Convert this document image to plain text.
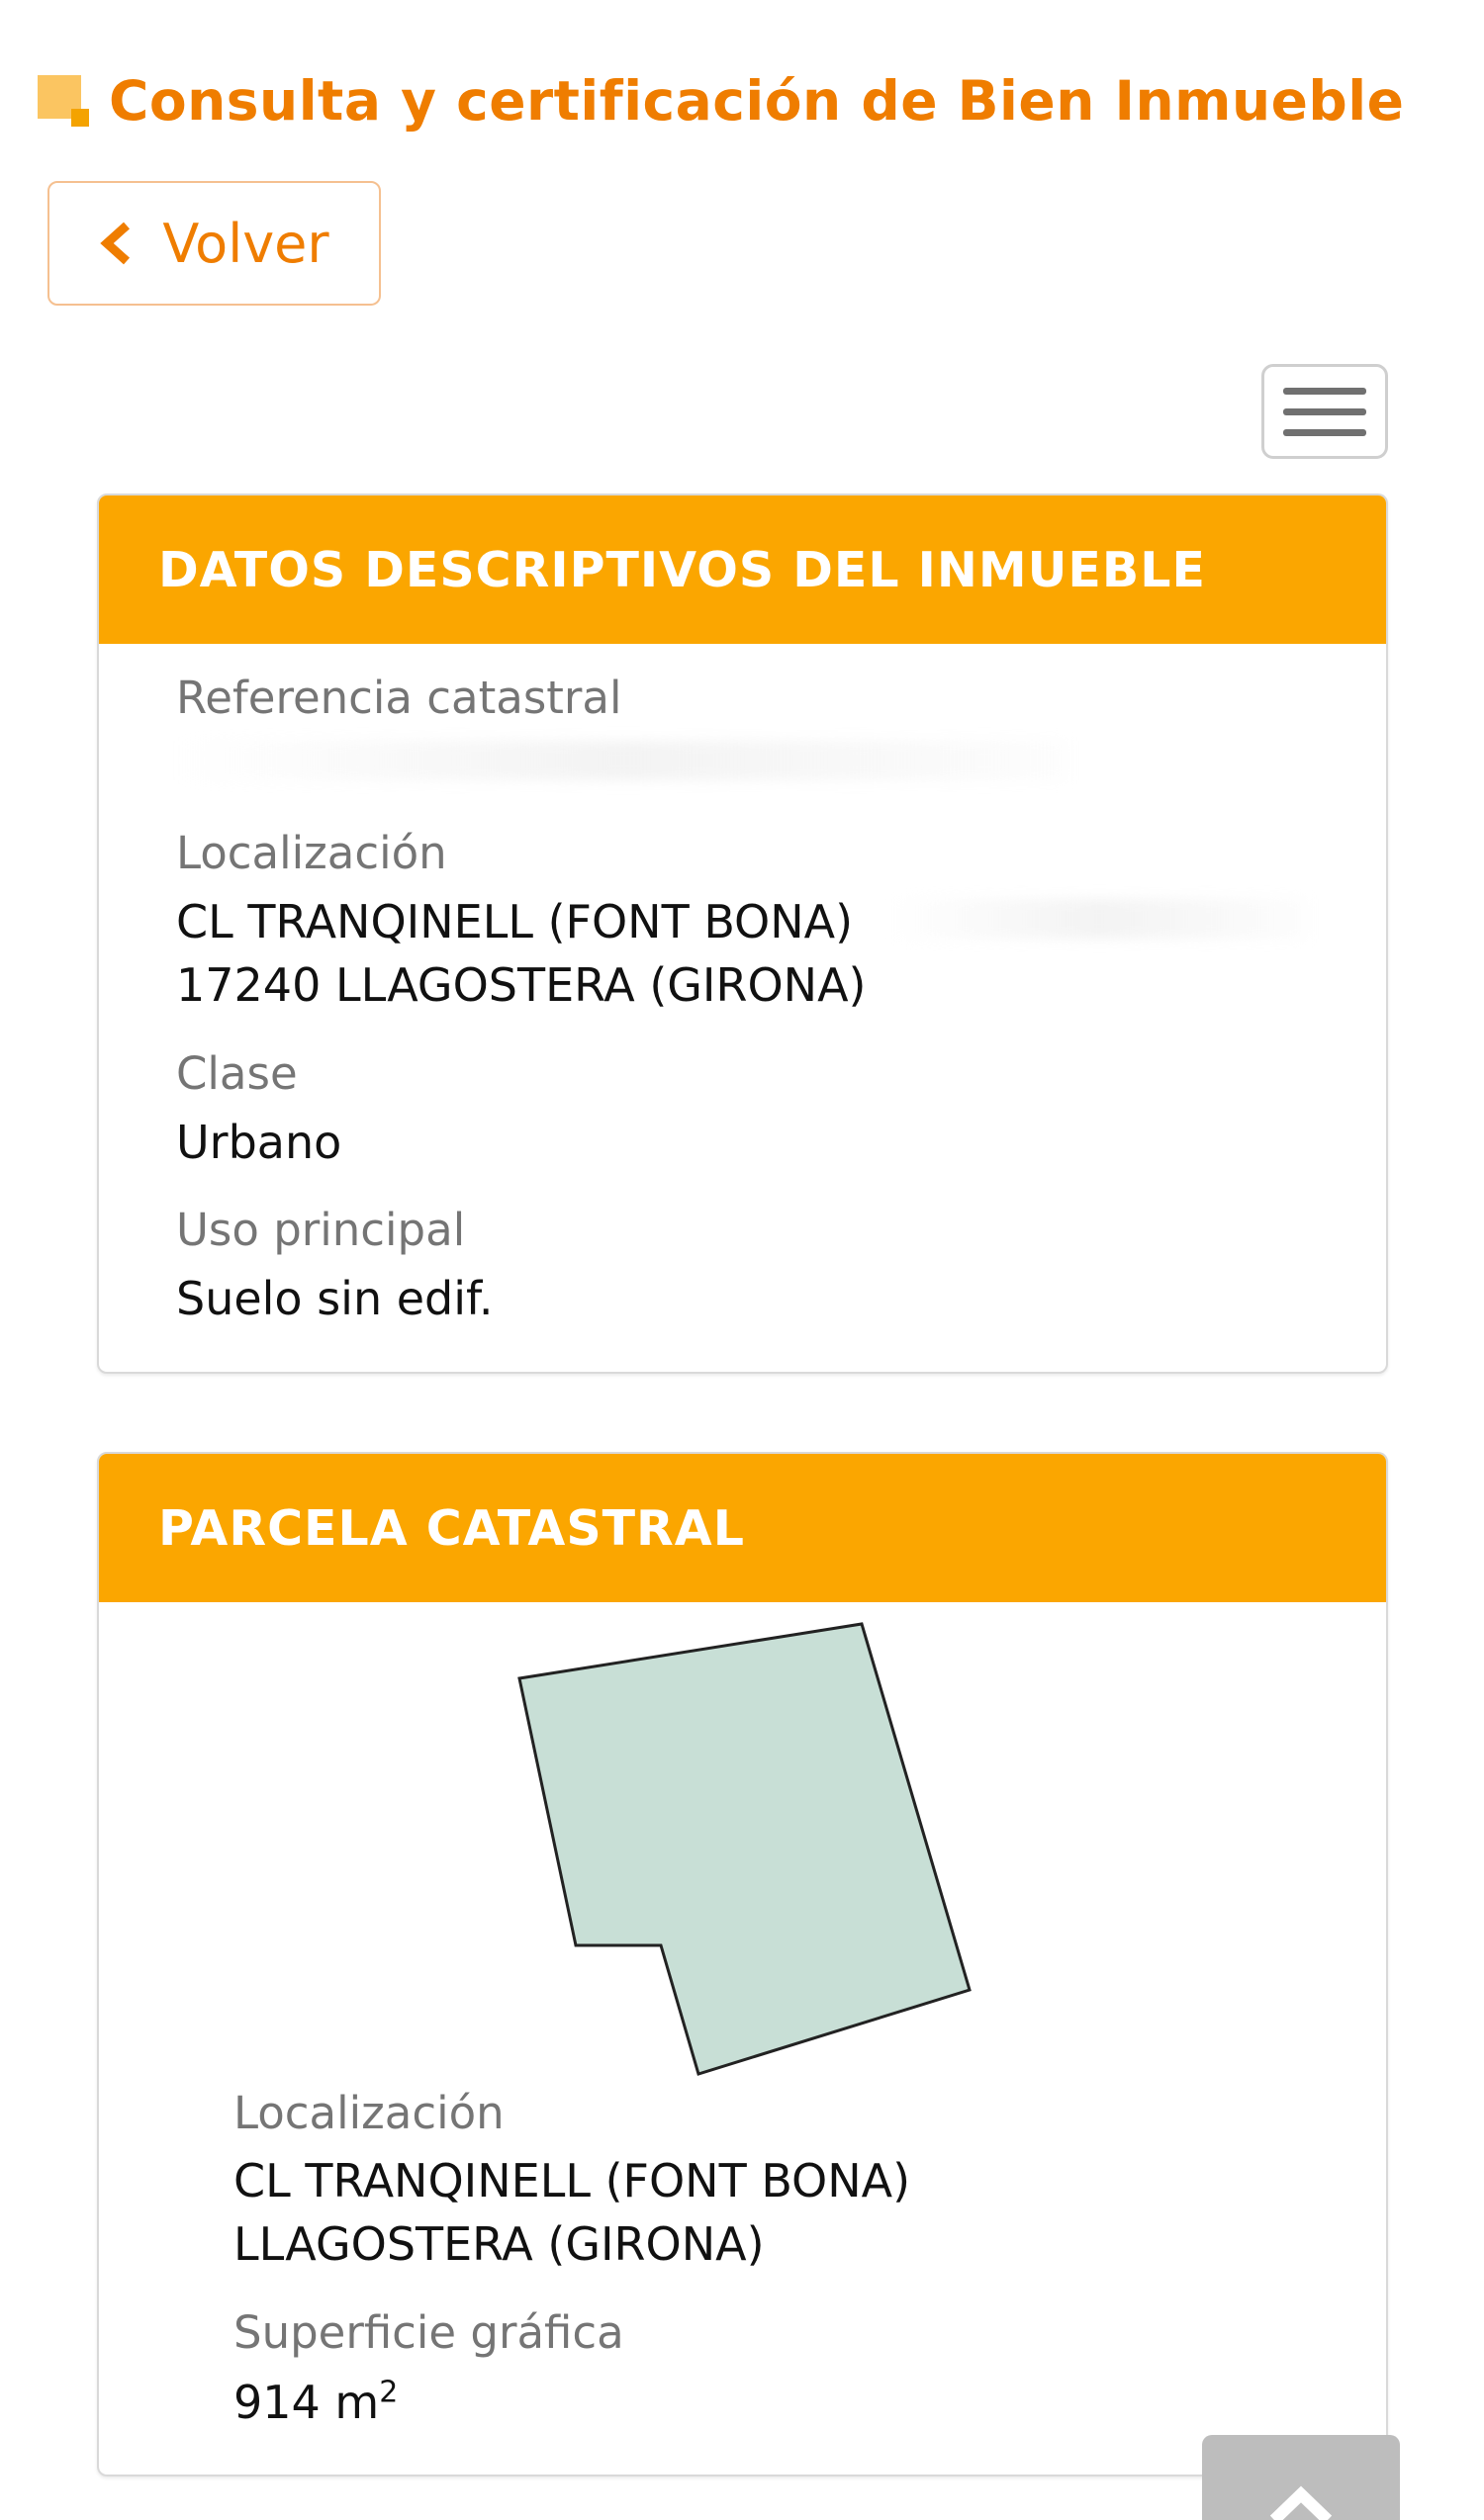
Consulta y certificación de Bien Inmueble
Volver
DATOS DESCRIPTIVOS DEL INMUEBLE
Referencia catastral
Localización
CL TRANQINELL (FONT BONA)
17240 LLAGOSTERA (GIRONA)
Clase
Urbano
Uso principal
Suelo sin edif.
PARCELA CATASTRAL
Localización
CL TRANQINELL (FONT BONA)
LLAGOSTERA (GIRONA)
Superficie gráfica
914 $m^2$
